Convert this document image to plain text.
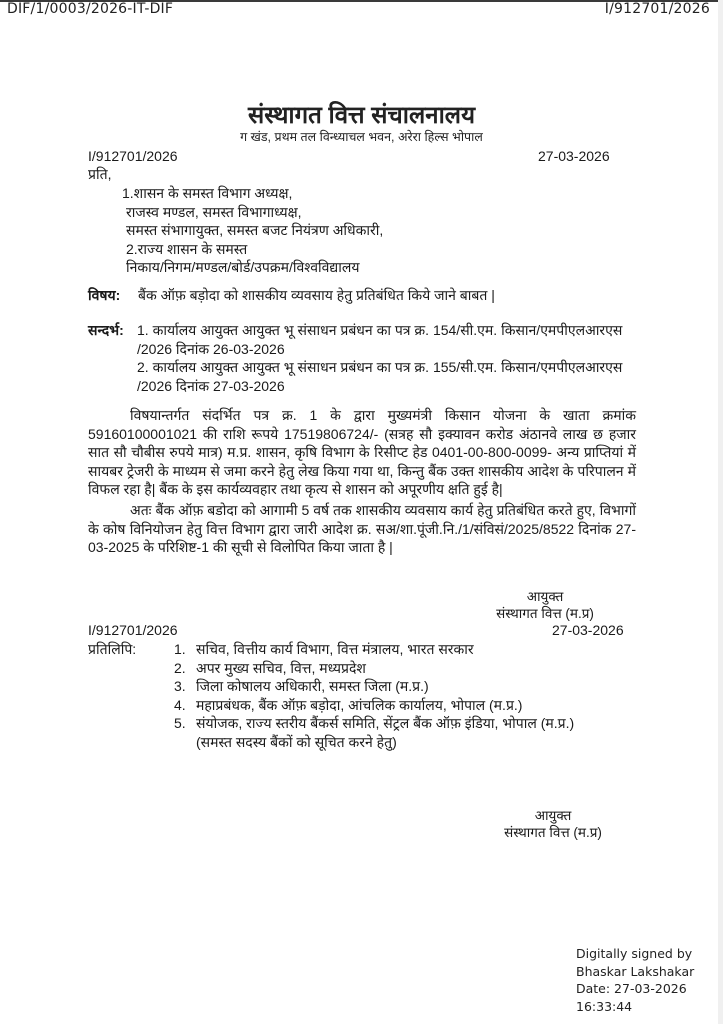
DIF/1/0003/2026-IT-DIF	I/912701/2026
संस्थागत वित्त संचालनालय
ग खंड, प्रथम तल विन्ध्याचल भवन, अरेरा हिल्स भोपाल
I/912701/2026	27-03-2026
प्रति,
1.शासन के समस्त विभाग अध्यक्ष,
राजस्व मण्डल, समस्त विभागाध्यक्ष,
समस्त संभागायुक्त, समस्त बजट नियंत्रण अधिकारी,
2.राज्य शासन के समस्त
निकाय/निगम/मण्डल/बोर्ड/उपक्रम/विश्वविद्यालय
विषय: बैंक ऑफ़ बड़ोदा को शासकीय व्यवसाय हेतु प्रतिबंधित किये जाने बाबत |
सन्दर्भ: 1. कार्यालय आयुक्त आयुक्त भू संसाधन प्रबंधन का पत्र क्र. 154/सी.एम. किसान/एमपीएलआरएस /2026 दिनांक 26-03-2026
2. कार्यालय आयुक्त आयुक्त भू संसाधन प्रबंधन का पत्र क्र. 155/सी.एम. किसान/एमपीएलआरएस /2026 दिनांक 27-03-2026
विषयान्तर्गत संदर्भित पत्र क्र. 1 के द्वारा मुख्यमंत्री किसान योजना के खाता क्रमांक 59160100001021 की राशि रूपये 17519806724/- (सत्रह सौ इक्यावन करोड अंठानवे लाख छ हजार सात सौ चौबीस रुपये मात्र) म.प्र. शासन, कृषि विभाग के रिसीप्ट हेड 0401-00-800-0099- अन्य प्राप्तियां में सायबर ट्रेजरी के माध्यम से जमा करने हेतु लेख किया गया था, किन्तु बैंक उक्त शासकीय आदेश के परिपालन में विफल रहा है| बैंक के इस कार्यव्यवहार तथा कृत्य से शासन को अपूरणीय क्षति हुई है|
अतः बैंक ऑफ़ बडोदा को आगामी 5 वर्ष तक शासकीय व्यवसाय कार्य हेतु प्रतिबंधित करते हुए, विभागों के कोष विनियोजन हेतु वित्त विभाग द्वारा जारी आदेश क्र. सअ/शा.पूंजी.नि./1/संविसं/2025/8522 दिनांक 27-03-2025 के परिशिष्ट-1 की सूची से विलोपित किया जाता है |
आयुक्त
संस्थागत वित्त (म.प्र)
I/912701/2026	27-03-2026
प्रतिलिपि:	1. सचिव, वित्तीय कार्य विभाग, वित्त मंत्रालय, भारत सरकार
2. अपर मुख्य सचिव, वित्त, मध्यप्रदेश
3. जिला कोषालय अधिकारी, समस्त जिला (म.प्र.)
4. महाप्रबंधक, बैंक ऑफ़ बड़ोदा, आंचलिक कार्यालय, भोपाल (म.प्र.)
5. संयोजक, राज्य स्तरीय बैंकर्स समिति, सेंट्रल बैंक ऑफ़ इंडिया, भोपाल (म.प्र.)
(समस्त सदस्य बैंकों को सूचित करने हेतु)
आयुक्त
संस्थागत वित्त (म.प्र)
Digitally signed by
Bhaskar Lakshakar
Date: 27-03-2026
16:33:44
